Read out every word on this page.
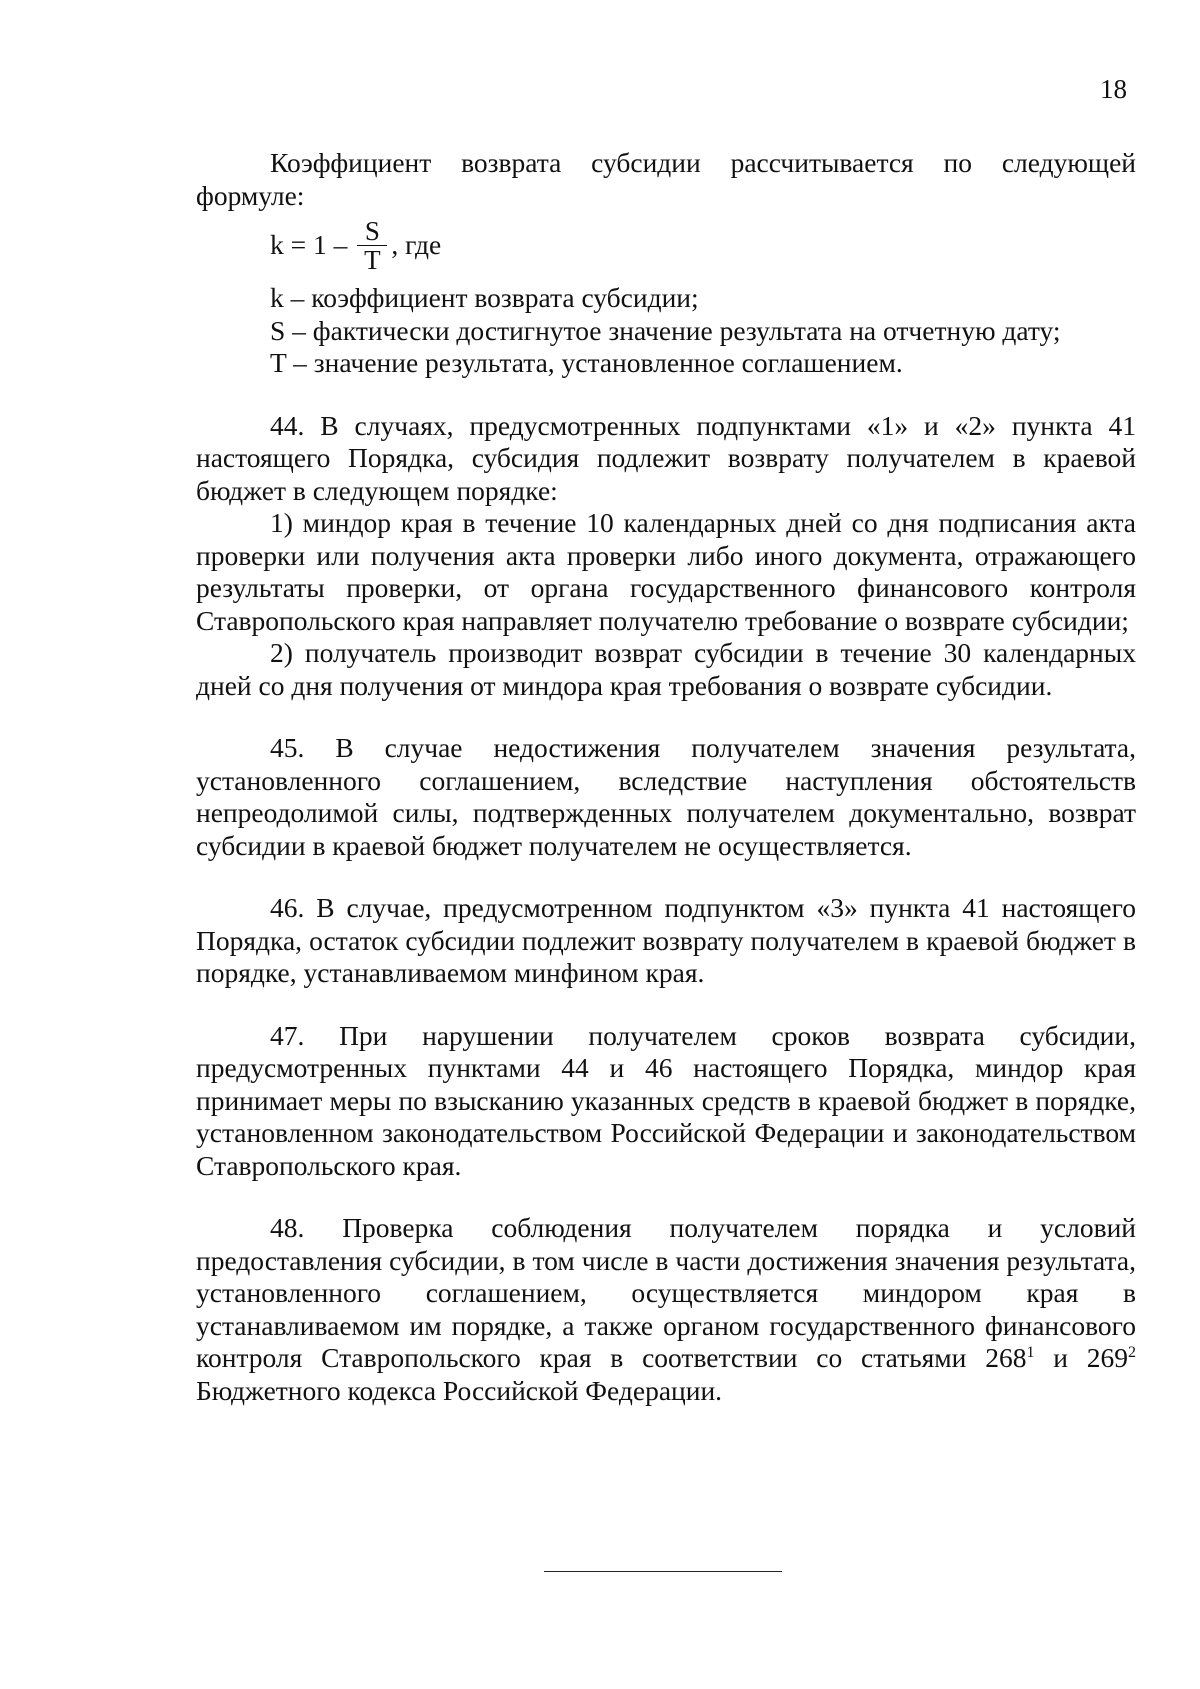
18

Коэффициент возврата субсидии рассчитывается по следующей

формуле:

$k = 1 - \frac{S}{T}$ , где

k – коэффициент возврата субсидии;

S – фактически достигнутое значение результата на отчетную дату;

T – значение результата, установленное соглашением.

44. В случаях, предусмотренных подпунктами «1» и «2» пункта 41 настоящего Порядка, субсидия подлежит возврату получателем в краевой бюджет в следующем порядке:

1) миндор края в течение 10 календарных дней со дня подписания акта проверки или получения акта проверки либо иного документа, отражающего результаты проверки, от органа государственного финансового контроля Ставропольского края направляет получателю требование о возврате субсидии;

2) получатель производит возврат субсидии в течение 30 календарных дней со дня получения от миндора края требования о возврате субсидии.

45. В случае недостижения получателем значения результата, установленного соглашением, вследствие наступления обстоятельств непреодолимой силы, подтвержденных получателем документально, возврат субсидии в краевой бюджет получателем не осуществляется.

46. В случае, предусмотренном подпунктом «3» пункта 41 настоящего Порядка, остаток субсидии подлежит возврату получателем в краевой бюджет в порядке, устанавливаемом минфином края.

47. При нарушении получателем сроков возврата субсидии, предусмотренных пунктами 44 и 46 настоящего Порядка, миндор края принимает меры по взысканию указанных средств в краевой бюджет в порядке, установленном законодательством Российской Федерации и законодательством Ставропольского края.

48. Проверка соблюдения получателем порядка и условий предоставления субсидии, в том числе в части достижения значения результата, установленного соглашением, осуществляется миндором края в устанавливаемом им порядке, а также органом государственного финансового контроля Ставропольского края в соответствии со статьями $268^1$ и $269^2$ Бюджетного кодекса Российской Федерации.
